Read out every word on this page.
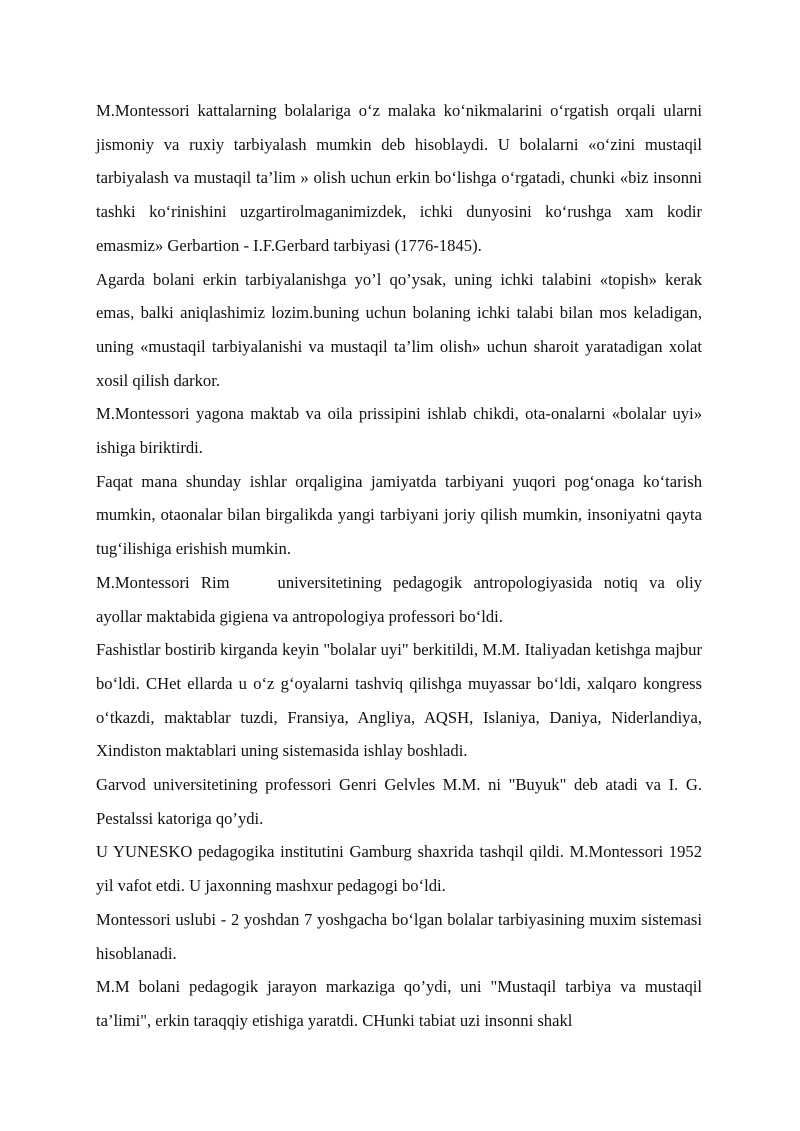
M.Montessori kattalarning bolalariga o‘z malaka ko‘nikmalarini o‘rgatish orqali ularni jismoniy va ruxiy tarbiyalash mumkin deb hisoblaydi. U bolalarni «o‘zini mustaqil tarbiyalash va mustaqil ta’lim » olish uchun erkin bo‘lishga o‘rgatadi, chunki «biz insonni tashki ko‘rinishini uzgartirolmaganimizdek, ichki dunyosini ko‘rushga xam kodir emasmiz» Gerbartion - I.F.Gerbard tarbiyasi (1776-1845).

Agarda bolani erkin tarbiyalanishga yo’l qo’ysak, uning ichki talabini «topish» kerak emas, balki aniqlashimiz lozim.buning uchun bolaning ichki talabi bilan mos keladigan, uning «mustaqil tarbiyalanishi va mustaqil ta’lim olish» uchun sharoit yaratadigan xolat xosil qilish darkor.

M.Montessori yagona maktab va oila prissipini ishlab chikdi, ota-onalarni «bolalar uyi» ishiga biriktirdi.

Faqat mana shunday ishlar orqaligina jamiyatda tarbiyani yuqori pog‘onaga ko‘tarish mumkin, otaonalar bilan birgalikda yangi tarbiyani joriy qilish mumkin, insoniyatni qayta tug‘ilishiga erishish mumkin.

M.Montessori Rim	universitetining pedagogik antropologiyasida notiq va oliy ayollar maktabida gigiena va antropologiya professori bo‘ldi.

Fashistlar bostirib kirganda keyin "bolalar uyi" berkitildi, M.M. Italiyadan ketishga majbur bo‘ldi. CHet ellarda u o‘z g‘oyalarni tashviq qilishga muyassar bo‘ldi, xalqaro kongress o‘tkazdi, maktablar tuzdi, Fransiya, Angliya, AQSH, Islaniya, Daniya, Niderlandiya, Xindiston maktablari uning sistemasida ishlay boshladi.

Garvod universitetining professori Genri Gelvles M.M. ni "Buyuk" deb atadi va I. G. Pestalssi katoriga qo’ydi.

U YUNESKO pedagogika institutini Gamburg shaxrida tashqil qildi. M.Montessori 1952 yil vafot etdi. U jaxonning mashxur pedagogi bo‘ldi.

Montessori uslubi - 2 yoshdan 7 yoshgacha bo‘lgan bolalar tarbiyasining muxim sistemasi hisoblanadi.

M.M bolani pedagogik jarayon markaziga qo’ydi, uni "Mustaqil tarbiya va mustaqil ta’limi", erkin taraqqiy etishiga yaratdi. CHunki tabiat uzi insonni shakl
